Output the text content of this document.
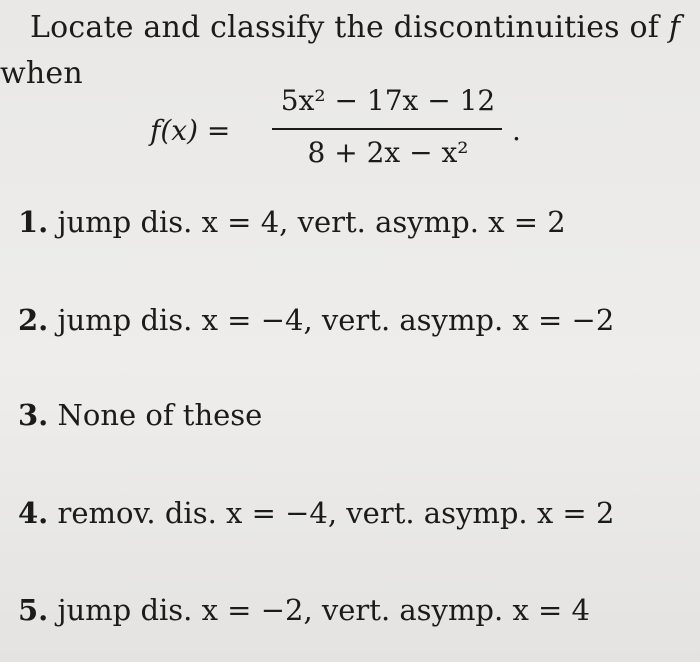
Locate and classify the discontinuities of f
when
f(x) =
5x² − 17x − 12
8 + 2x − x²
.
1. jump dis. x = 4, vert. asymp. x = 2
2. jump dis. x = −4, vert. asymp. x = −2
3. None of these
4. remov. dis. x = −4, vert. asymp. x = 2
5. jump dis. x = −2, vert. asymp. x = 4
